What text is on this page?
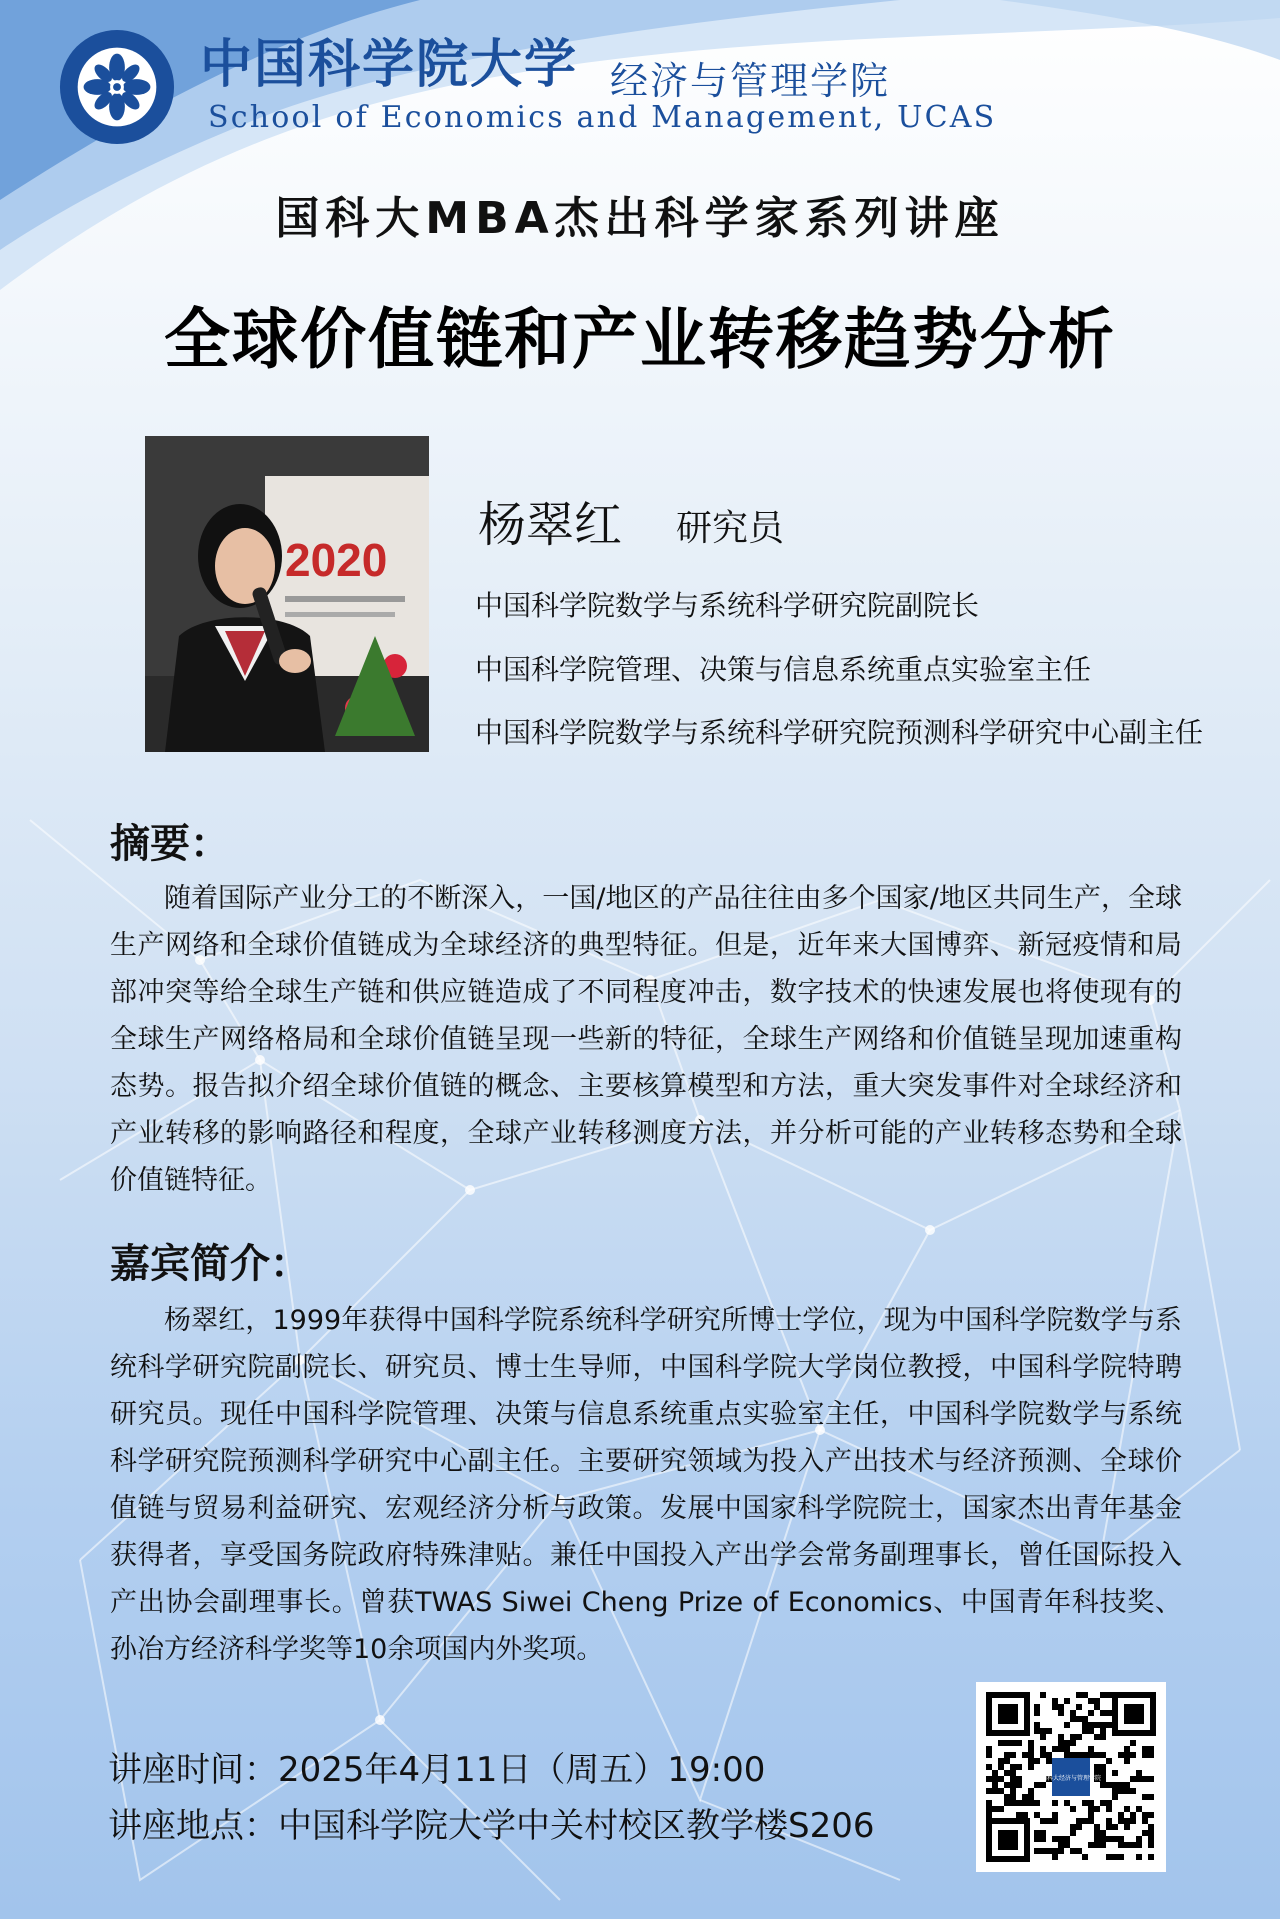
中国科学院大学 经济与管理学院
School of Economics and Management, UCAS
国科大MBA杰出科学家系列讲座
全球价值链和产业转移趋势分析
2020
杨翠红 研究员
中国科学院数学与系统科学研究院副院长
中国科学院管理、决策与信息系统重点实验室主任
中国科学院数学与系统科学研究院预测科学研究中心副主任
摘要：
随着国际产业分工的不断深入，一国/地区的产品往往由多个国家/地区共同生产，全球生产网络和全球价值链成为全球经济的典型特征。但是，近年来大国博弈、新冠疫情和局部冲突等给全球生产链和供应链造成了不同程度冲击，数字技术的快速发展也将使现有的全球生产网络格局和全球价值链呈现一些新的特征，全球生产网络和价值链呈现加速重构态势。报告拟介绍全球价值链的概念、主要核算模型和方法，重大突发事件对全球经济和产业转移的影响路径和程度，全球产业转移测度方法，并分析可能的产业转移态势和全球价值链特征。
嘉宾简介：
杨翠红，1999年获得中国科学院系统科学研究所博士学位，现为中国科学院数学与系统科学研究院副院长、研究员、博士生导师，中国科学院大学岗位教授，中国科学院特聘研究员。现任中国科学院管理、决策与信息系统重点实验室主任，中国科学院数学与系统科学研究院预测科学研究中心副主任。主要研究领域为投入产出技术与经济预测、全球价值链与贸易利益研究、宏观经济分析与政策。发展中国家科学院院士，国家杰出青年基金获得者，享受国务院政府特殊津贴。兼任中国投入产出学会常务副理事长，曾任国际投入产出协会副理事长。曾获TWAS Siwei Cheng Prize of Economics、中国青年科技奖、孙冶方经济科学奖等10余项国内外奖项。
讲座时间：2025年4月11日（周五）19:00
讲座地点：中国科学院大学中关村校区教学楼S206
国科大经济与管理学院
